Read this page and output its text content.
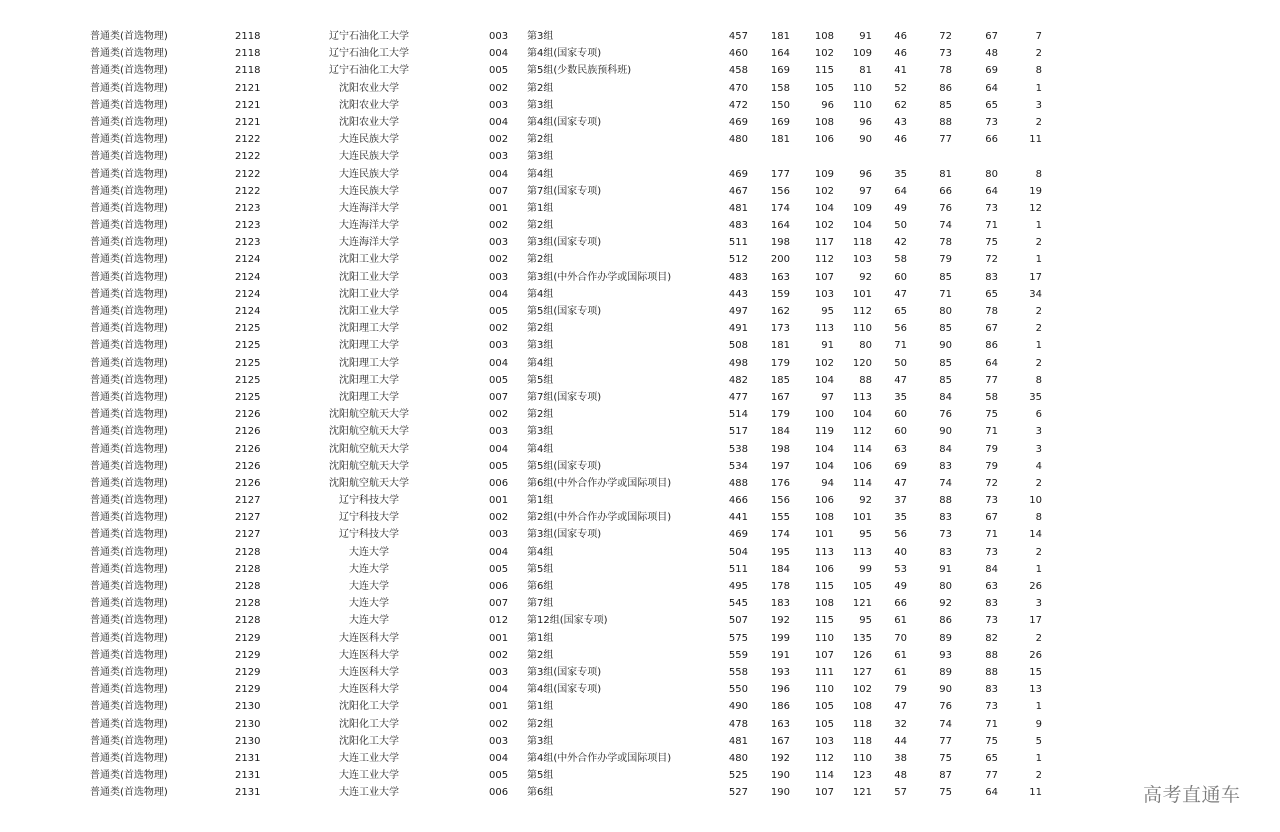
普通类(首选物理)	2118	辽宁石油化工大学	003 第3组	457	181	108	91	46	72	67	7
普通类(首选物理)	2118	辽宁石油化工大学	004 第4组(国家专项)	460	164	102	109	46	73	48	2
普通类(首选物理)	2118	辽宁石油化工大学	005 第5组(少数民族预科班)	458	169	115	81	41	78	69	8
普通类(首选物理)	2121	沈阳农业大学	002 第2组	470	158	105	110	52	86	64	1
普通类(首选物理)	2121	沈阳农业大学	003 第3组	472	150	96	110	62	85	65	3
普通类(首选物理)	2121	沈阳农业大学	004 第4组(国家专项)	469	169	108	96	43	88	73	2
普通类(首选物理)	2122	大连民族大学	002 第2组	480	181	106	90	46	77	66	11
普通类(首选物理)	2122	大连民族大学	003 第3组
普通类(首选物理)	2122	大连民族大学	004 第4组	469	177	109	96	35	81	80	8
普通类(首选物理)	2122	大连民族大学	007 第7组(国家专项)	467	156	102	97	64	66	64	19
普通类(首选物理)	2123	大连海洋大学	001 第1组	481	174	104	109	49	76	73	12
普通类(首选物理)	2123	大连海洋大学	002 第2组	483	164	102	104	50	74	71	1
普通类(首选物理)	2123	大连海洋大学	003 第3组(国家专项)	511	198	117	118	42	78	75	2
普通类(首选物理)	2124	沈阳工业大学	002 第2组	512	200	112	103	58	79	72	1
普通类(首选物理)	2124	沈阳工业大学	003 第3组(中外合作办学或国际项目)	483	163	107	92	60	85	83	17
普通类(首选物理)	2124	沈阳工业大学	004 第4组	443	159	103	101	47	71	65	34
普通类(首选物理)	2124	沈阳工业大学	005 第5组(国家专项)	497	162	95	112	65	80	78	2
普通类(首选物理)	2125	沈阳理工大学	002 第2组	491	173	113	110	56	85	67	2
普通类(首选物理)	2125	沈阳理工大学	003 第3组	508	181	91	80	71	90	86	1
普通类(首选物理)	2125	沈阳理工大学	004 第4组	498	179	102	120	50	85	64	2
普通类(首选物理)	2125	沈阳理工大学	005 第5组	482	185	104	88	47	85	77	8
普通类(首选物理)	2125	沈阳理工大学	007 第7组(国家专项)	477	167	97	113	35	84	58	35
普通类(首选物理)	2126	沈阳航空航天大学	002 第2组	514	179	100	104	60	76	75	6
普通类(首选物理)	2126	沈阳航空航天大学	003 第3组	517	184	119	112	60	90	71	3
普通类(首选物理)	2126	沈阳航空航天大学	004 第4组	538	198	104	114	63	84	79	3
普通类(首选物理)	2126	沈阳航空航天大学	005 第5组(国家专项)	534	197	104	106	69	83	79	4
普通类(首选物理)	2126	沈阳航空航天大学	006 第6组(中外合作办学或国际项目)	488	176	94	114	47	74	72	2
普通类(首选物理)	2127	辽宁科技大学	001 第1组	466	156	106	92	37	88	73	10
普通类(首选物理)	2127	辽宁科技大学	002 第2组(中外合作办学或国际项目)	441	155	108	101	35	83	67	8
普通类(首选物理)	2127	辽宁科技大学	003 第3组(国家专项)	469	174	101	95	56	73	71	14
普通类(首选物理)	2128	大连大学	004 第4组	504	195	113	113	40	83	73	2
普通类(首选物理)	2128	大连大学	005 第5组	511	184	106	99	53	91	84	1
普通类(首选物理)	2128	大连大学	006 第6组	495	178	115	105	49	80	63	26
普通类(首选物理)	2128	大连大学	007 第7组	545	183	108	121	66	92	83	3
普通类(首选物理)	2128	大连大学	012 第12组(国家专项)	507	192	115	95	61	86	73	17
普通类(首选物理)	2129	大连医科大学	001 第1组	575	199	110	135	70	89	82	2
普通类(首选物理)	2129	大连医科大学	002 第2组	559	191	107	126	61	93	88	26
普通类(首选物理)	2129	大连医科大学	003 第3组(国家专项)	558	193	111	127	61	89	88	15
普通类(首选物理)	2129	大连医科大学	004 第4组(国家专项)	550	196	110	102	79	90	83	13
普通类(首选物理)	2130	沈阳化工大学	001 第1组	490	186	105	108	47	76	73	1
普通类(首选物理)	2130	沈阳化工大学	002 第2组	478	163	105	118	32	74	71	9
普通类(首选物理)	2130	沈阳化工大学	003 第3组	481	167	103	118	44	77	75	5
普通类(首选物理)	2131	大连工业大学	004 第4组(中外合作办学或国际项目)	480	192	112	110	38	75	65	1
普通类(首选物理)	2131	大连工业大学	005 第5组	525	190	114	123	48	87	77	2
普通类(首选物理)	2131	大连工业大学	006 第6组	527	190	107	121	57	75	64	11	高考直通车
